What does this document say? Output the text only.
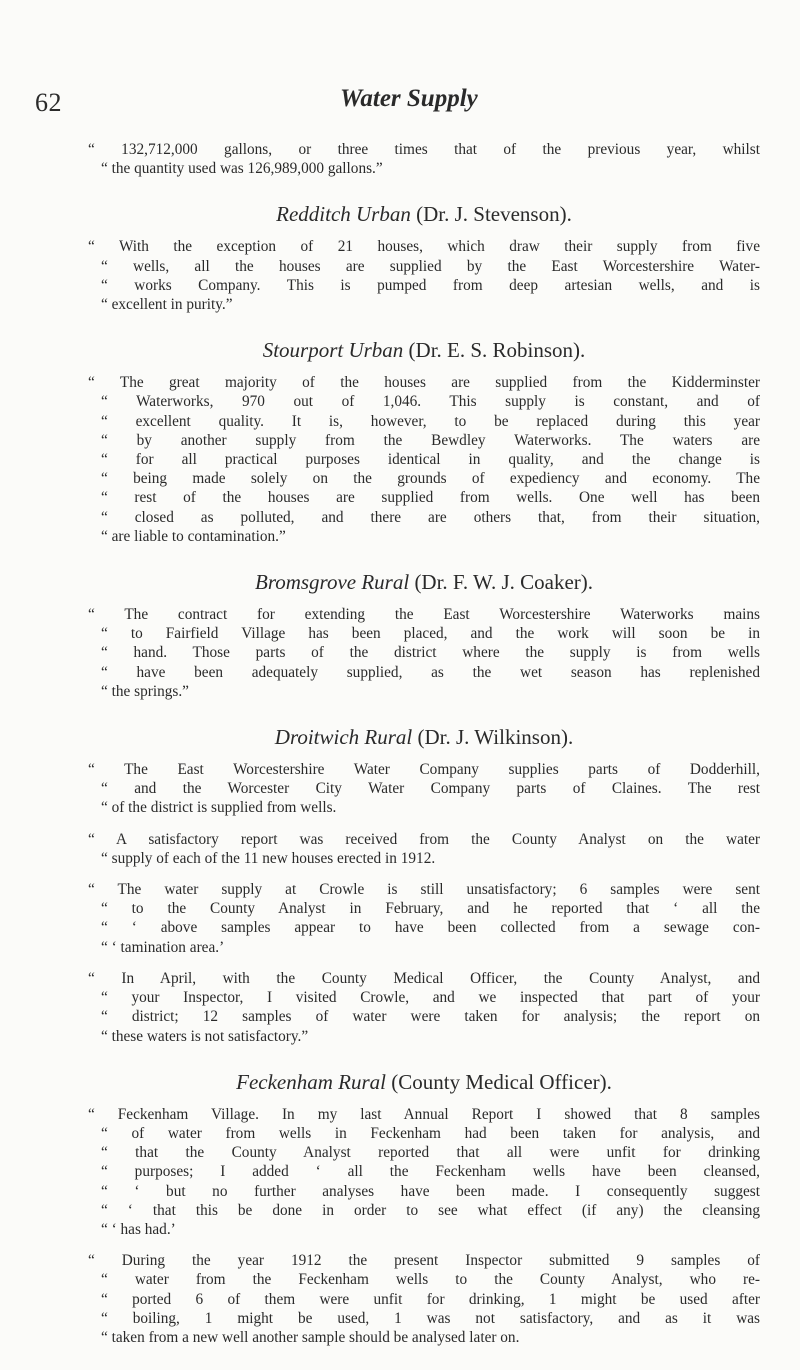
62	Water Supply
“ 132,712,000 gallons, or three times that of the previous year, whilst
“ the quantity used was 126,989,000 gallons.”
Redditch Urban (Dr. J. Stevenson).
“ With the exception of 21 houses, which draw their supply from five
“ wells, all the houses are supplied by the East Worcestershire Water-
“ works Company. This is pumped from deep artesian wells, and is
“ excellent in purity.”
Stourport Urban (Dr. E. S. Robinson).
“ The great majority of the houses are supplied from the Kidderminster
“ Waterworks, 970 out of 1,046. This supply is constant, and of
“ excellent quality. It is, however, to be replaced during this year
“ by another supply from the Bewdley Waterworks. The waters are
“ for all practical purposes identical in quality, and the change is
“ being made solely on the grounds of expediency and economy. The
“ rest of the houses are supplied from wells. One well has been
“ closed as polluted, and there are others that, from their situation,
“ are liable to contamination.”
Bromsgrove Rural (Dr. F. W. J. Coaker).
“ The contract for extending the East Worcestershire Waterworks mains
“ to Fairfield Village has been placed, and the work will soon be in
“ hand. Those parts of the district where the supply is from wells
“ have been adequately supplied, as the wet season has replenished
“ the springs.”
Droitwich Rural (Dr. J. Wilkinson).
“ The East Worcestershire Water Company supplies parts of Dodderhill,
“ and the Worcester City Water Company parts of Claines. The rest
“ of the district is supplied from wells.
“ A satisfactory report was received from the County Analyst on the water
“ supply of each of the 11 new houses erected in 1912.
“ The water supply at Crowle is still unsatisfactory; 6 samples were sent
“ to the County Analyst in February, and he reported that ‘ all the
“ ‘ above samples appear to have been collected from a sewage con-
“ ‘ tamination area.’
“ In April, with the County Medical Officer, the County Analyst, and
“ your Inspector, I visited Crowle, and we inspected that part of your
“ district; 12 samples of water were taken for analysis; the report on
“ these waters is not satisfactory.”
Feckenham Rural (County Medical Officer).
“ Feckenham Village. In my last Annual Report I showed that 8 samples
“ of water from wells in Feckenham had been taken for analysis, and
“ that the County Analyst reported that all were unfit for drinking
“ purposes; I added ‘ all the Feckenham wells have been cleansed,
“ ‘ but no further analyses have been made. I consequently suggest
“ ‘ that this be done in order to see what effect (if any) the cleansing
“ ‘ has had.’
“ During the year 1912 the present Inspector submitted 9 samples of
“ water from the Feckenham wells to the County Analyst, who re-
“ ported 6 of them were unfit for drinking, 1 might be used after
“ boiling, 1 might be used, 1 was not satisfactory, and as it was
“ taken from a new well another sample should be analysed later on.
